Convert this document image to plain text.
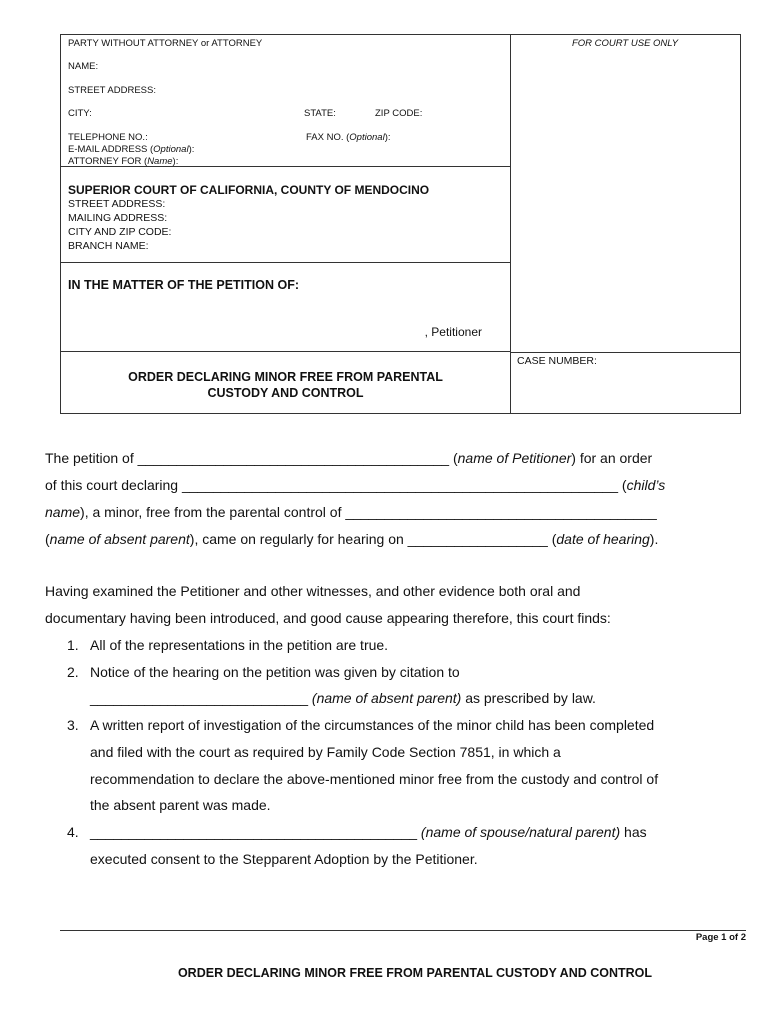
PARTY WITHOUT ATTORNEY or ATTORNEY
NAME:
STREET ADDRESS:
CITY:	STATE:	ZIP CODE:
TELEPHONE NO.:	FAX NO. (Optional):
E-MAIL ADDRESS (Optional):
ATTORNEY FOR (Name):
SUPERIOR COURT OF CALIFORNIA, COUNTY OF MENDOCINO
STREET ADDRESS:
MAILING ADDRESS:
CITY AND ZIP CODE:
BRANCH NAME:
IN THE MATTER OF THE PETITION OF:
, Petitioner
ORDER DECLARING MINOR FREE FROM PARENTAL
CUSTODY AND CONTROL
FOR COURT USE ONLY
CASE NUMBER:
The petition of ________________________________________ (name of Petitioner) for an order
of this court declaring ________________________________________________________ (child’s
name), a minor, free from the parental control of ________________________________________
(name of absent parent), came on regularly for hearing on __________________ (date of hearing).
Having examined the Petitioner and other witnesses, and other evidence both oral and
documentary having been introduced, and good cause appearing therefore, this court finds:
1. All of the representations in the petition are true.
2. Notice of the hearing on the petition was given by citation to
____________________________ (name of absent parent) as prescribed by law.
3. A written report of investigation of the circumstances of the minor child has been completed
and filed with the court as required by Family Code Section 7851, in which a
recommendation to declare the above-mentioned minor free from the custody and control of
the absent parent was made.
4. __________________________________________ (name of spouse/natural parent) has
executed consent to the Stepparent Adoption by the Petitioner.
Page 1 of 2
ORDER DECLARING MINOR FREE FROM PARENTAL CUSTODY AND CONTROL
